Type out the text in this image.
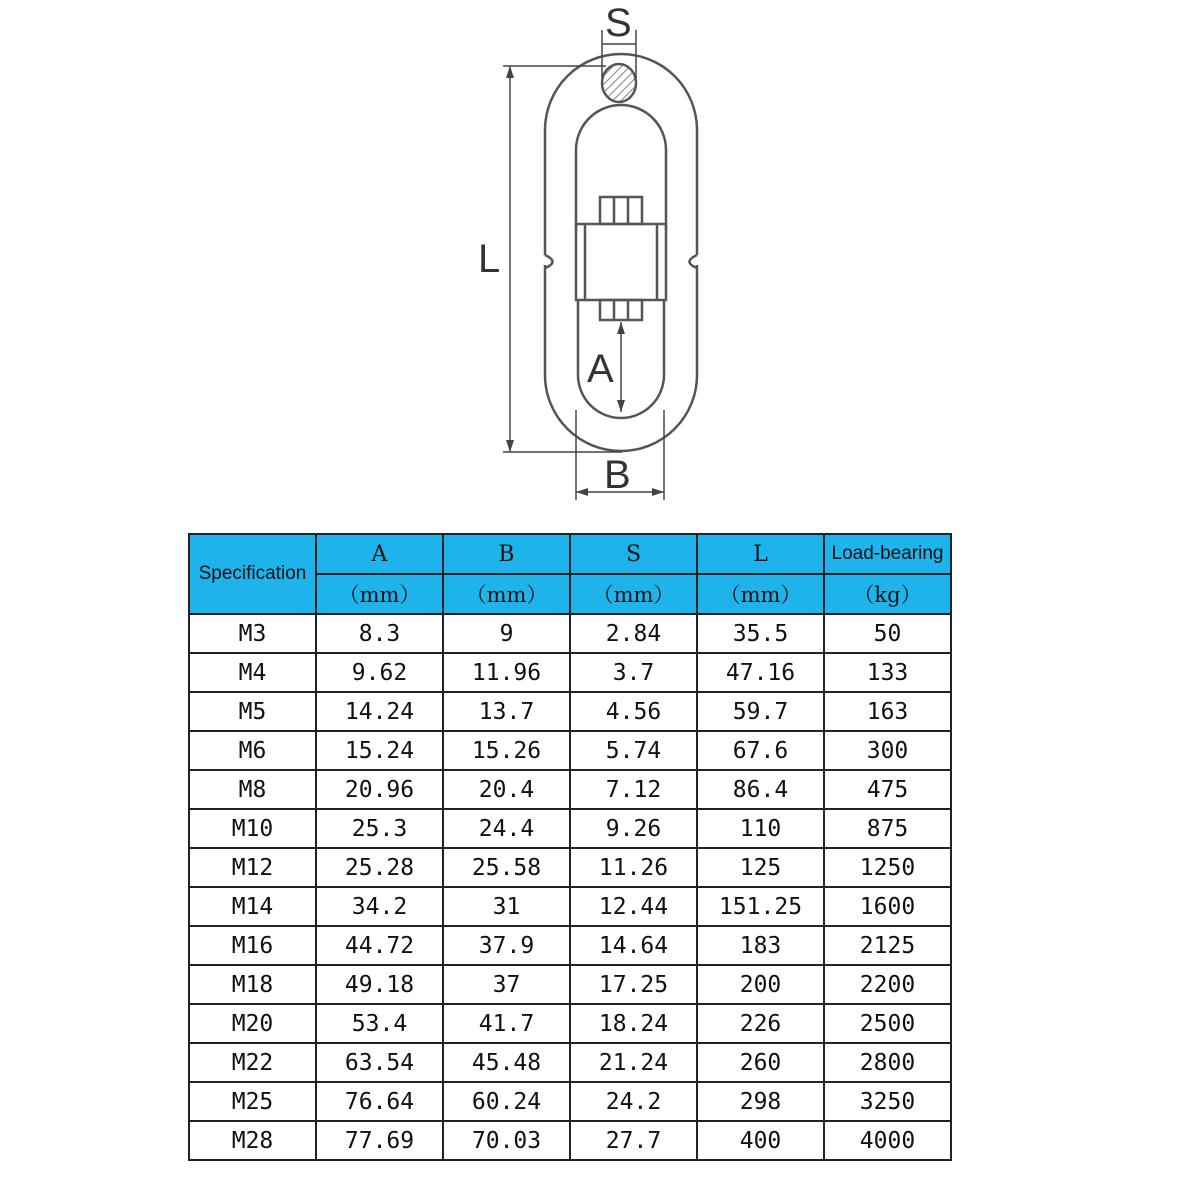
S
L
A
B
Specification	A	B	S	L	Load-bearing
	（mm）	（mm）	（mm）	（mm）	（kg）
M3	8.3	9	2.84	35.5	50
M4	9.62	11.96	3.7	47.16	133
M5	14.24	13.7	4.56	59.7	163
M6	15.24	15.26	5.74	67.6	300
M8	20.96	20.4	7.12	86.4	475
M10	25.3	24.4	9.26	110	875
M12	25.28	25.58	11.26	125	1250
M14	34.2	31	12.44	151.25	1600
M16	44.72	37.9	14.64	183	2125
M18	49.18	37	17.25	200	2200
M20	53.4	41.7	18.24	226	2500
M22	63.54	45.48	21.24	260	2800
M25	76.64	60.24	24.2	298	3250
M28	77.69	70.03	27.7	400	4000
